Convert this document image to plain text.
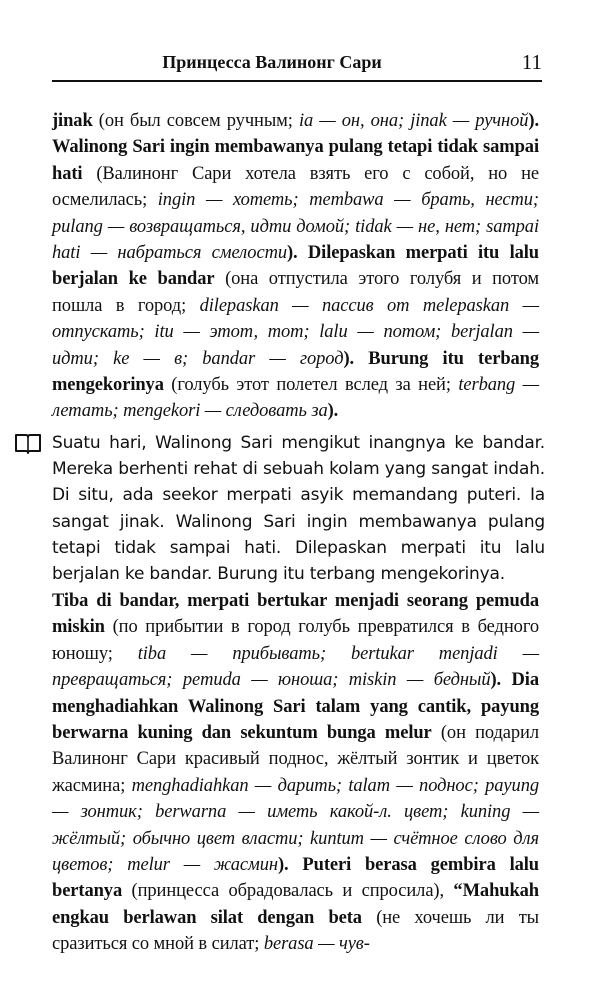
Принцесса Валинонг Сари	11
jinak (он был совсем ручным; ia — он, она; jinak — ручной). Walinong Sari ingin membawanya pulang tetapi tidak sampai hati (Валинонг Сари хотела взять его с собой, но не осмелилась; ingin — хотеть; membawa — брать, нести; pulang — возвращаться, идти домой; tidak — не, нет; sampai hati — набраться смелости). Dilepaskan merpati itu lalu berjalan ke bandar (она отпустила этого голубя и потом пошла в город; dilepaskan — пассив от melepaskan — отпускать; itu — этот, тот; lalu — потом; berjalan — идти; ke — в; bandar — город). Burung itu terbang mengekorinya (голубь этот полетел вслед за ней; terbang — летать; mengekori — следовать за).
Suatu hari, Walinong Sari mengikut inangnya ke bandar. Mereka berhenti rehat di sebuah kolam yang sangat indah. Di situ, ada seekor merpati asyik memandang puteri. Ia sangat jinak. Walinong Sari ingin membawanya pulang tetapi tidak sampai hati. Dilepaskan merpati itu lalu berjalan ke bandar. Burung itu terbang mengekorinya.
Tiba di bandar, merpati bertukar menjadi seorang pemuda miskin (по прибытии в город голубь превратился в бедного юношу; tiba — прибывать; bertukar menjadi — превращаться; pemuda — юноша; miskin — бедный). Dia menghadiahkan Walinong Sari talam yang cantik, payung berwarna kuning dan sekuntum bunga melur (он подарил Валинонг Сари красивый поднос, жёлтый зонтик и цветок жасмина; menghadiahkan — дарить; talam — поднос; payung — зонтик; berwarna — иметь какой-л. цвет; kuning — жёлтый; обычно цвет власти; kuntum — счётное слово для цветов; melur — жасмин). Puteri berasa gembira lalu bertanya (принцесса обрадовалась и спросила), “Mahukah engkau berlawan silat dengan beta (не хочешь ли ты сразиться со мной в силат; berasa — чув-
